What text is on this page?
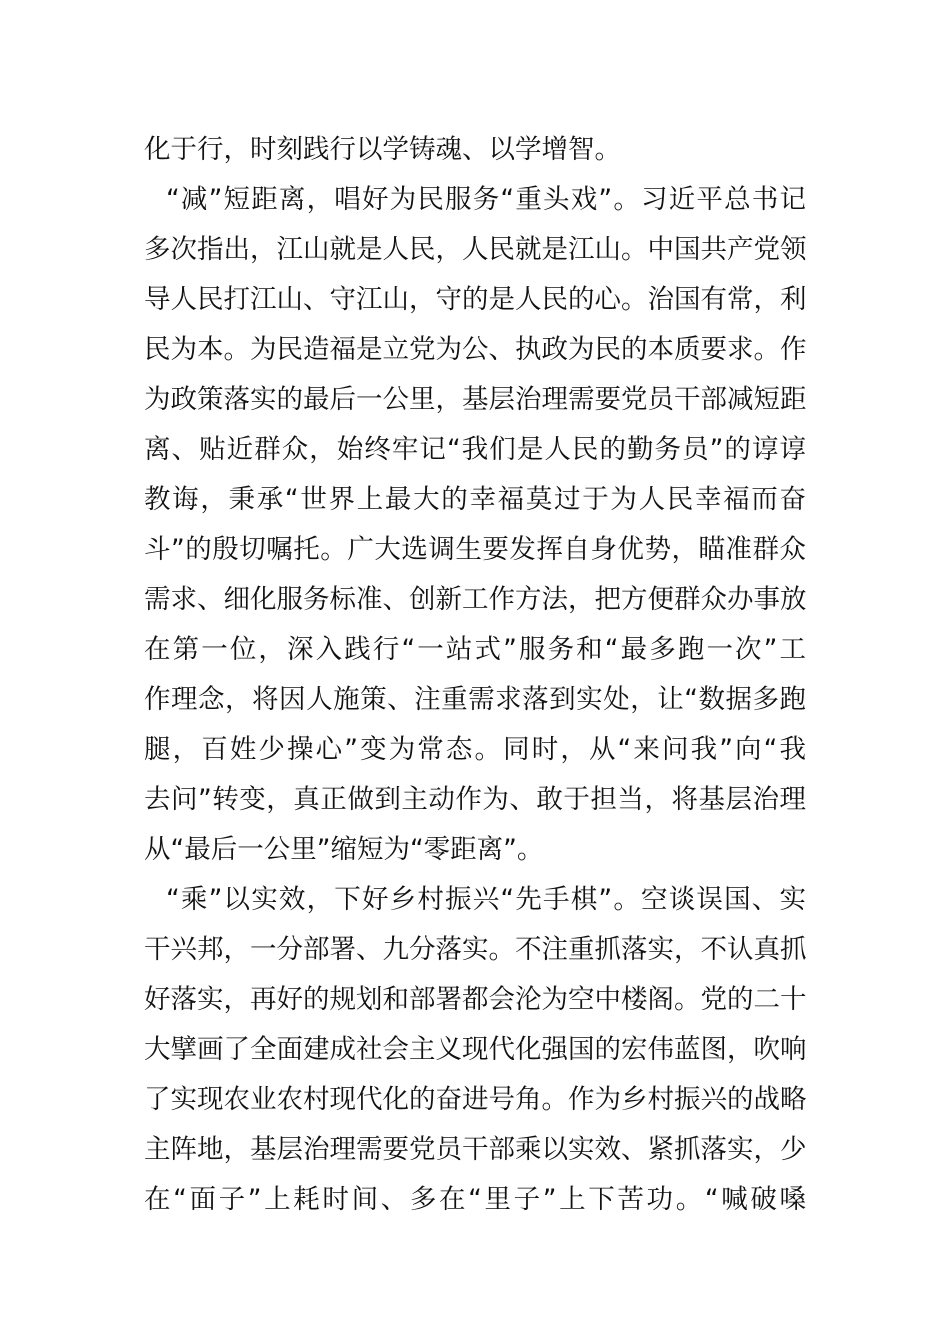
化于行，时刻践行以学铸魂、以学增智。
“减”短距离，唱好为民服务“重头戏”。习近平总书记
多次指出，江山就是人民，人民就是江山。中国共产党领
导人民打江山、守江山，守的是人民的心。治国有常，利
民为本。为民造福是立党为公、执政为民的本质要求。作
为政策落实的最后一公里，基层治理需要党员干部减短距
离、贴近群众，始终牢记“我们是人民的勤务员”的谆谆
教诲，秉承“世界上最大的幸福莫过于为人民幸福而奋
斗”的殷切嘱托。广大选调生要发挥自身优势，瞄准群众
需求、细化服务标准、创新工作方法，把方便群众办事放
在第一位，深入践行“一站式”服务和“最多跑一次”工
作理念，将因人施策、注重需求落到实处，让“数据多跑
腿，百姓少操心”变为常态。同时，从“来问我”向“我
去问”转变，真正做到主动作为、敢于担当，将基层治理
从“最后一公里”缩短为“零距离”。
“乘”以实效，下好乡村振兴“先手棋”。空谈误国、实
干兴邦，一分部署、九分落实。不注重抓落实，不认真抓
好落实，再好的规划和部署都会沦为空中楼阁。党的二十
大擘画了全面建成社会主义现代化强国的宏伟蓝图，吹响
了实现农业农村现代化的奋进号角。作为乡村振兴的战略
主阵地，基层治理需要党员干部乘以实效、紧抓落实，少
在“面子”上耗时间、多在“里子”上下苦功。“喊破嗓
